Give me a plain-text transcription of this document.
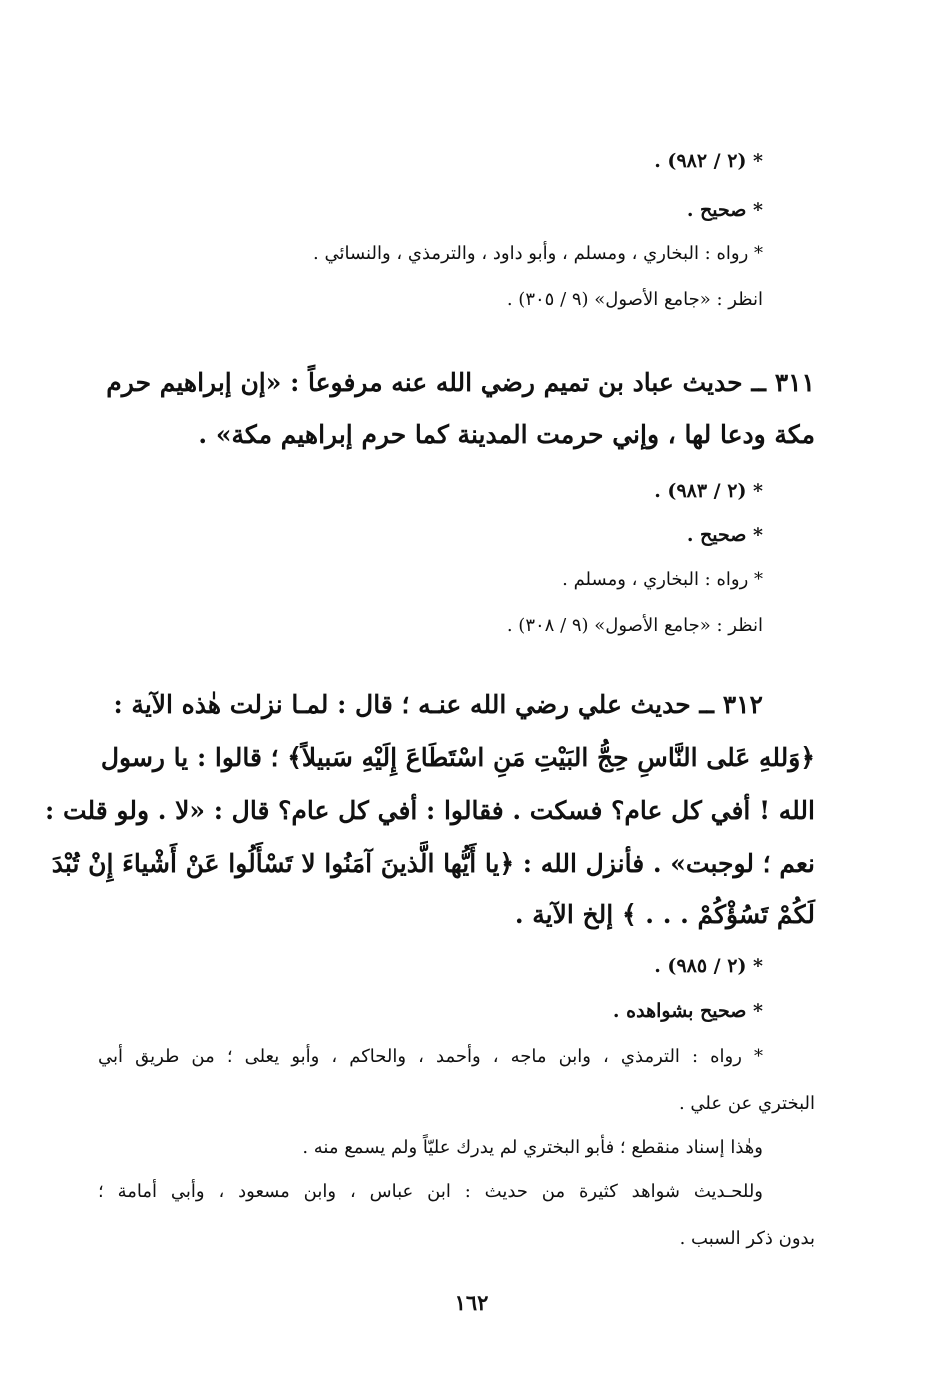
* (٢ / ٩٨٢) .
* صحيح .
* رواه : البخاري ، ومسلم ، وأبو داود ، والترمذي ، والنسائي .
انظر : «جامع الأصول» (٩ / ٣٠٥) .
٣١١ ــ حديث عباد بن تميم رضي الله عنه مرفوعاً : «إن إبراهيم حرم
مكة ودعا لها ، وإني حرمت المدينة كما حرم إبراهيم مكة» .
* (٢ / ٩٨٣) .
* صحيح .
* رواه : البخاري ، ومسلم .
انظر : «جامع الأصول» (٩ / ٣٠٨) .
٣١٢ ــ حديث علي رضي الله عنـه ؛ قال : لمـا نزلت هٰذه الآية :
﴿وَللهِ عَلى النَّاسِ حِجُّ البَيْتِ مَنِ اسْتَطَاعَ إِلَيْهِ سَبيلاً﴾ ؛ قالوا : يا رسول
الله ! أفي كل عام؟ فسكت . فقالوا : أفي كل عام؟ قال : «لا . ولو قلت :
نعم ؛ لوجبت» . فأنزل الله : ﴿يا أَيُّها الَّذينَ آمَنُوا لا تَسْأَلُوا عَنْ أَشْياءَ إِنْ تُبْدَ
لَكُمْ تَسُؤْكُمْ . . . ﴾ إلخ الآية .
* (٢ / ٩٨٥) .
* صحيح بشواهده .
* رواه : الترمذي ، وابن ماجه ، وأحمد ، والحاكم ، وأبو يعلى ؛ من طريق أبي
البختري عن علي .
وهٰذا إسناد منقطع ؛ فأبو البختري لم يدرك عليّاً ولم يسمع منه .
وللحـديث شواهد كثيرة من حديث : ابن عباس ، وابن مسعود ، وأبي أمامة ؛
بدون ذكر السبب .
١٦٢
